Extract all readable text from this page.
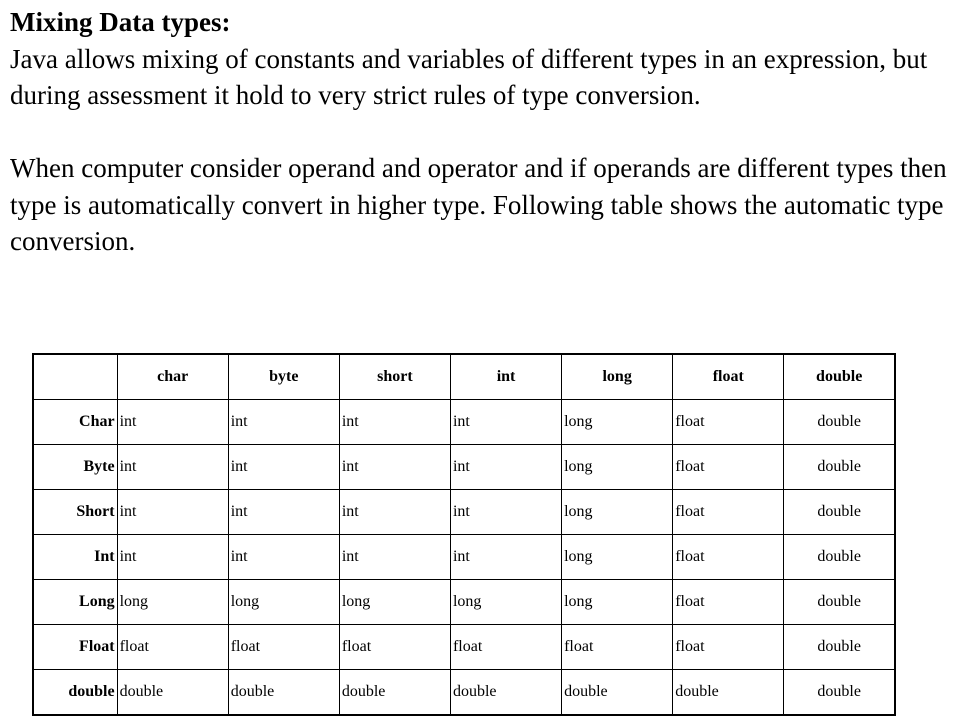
Mixing Data types:

Java allows mixing of constants and variables of different types in an expression, but during assessment it hold to very strict rules of type conversion.

When computer consider operand and operator and if operands are different types then type is automatically convert in higher type. Following table shows the automatic type conversion.

	char	byte	short	int	long	float	double
Char	int	int	int	int	long	float	double
Byte	int	int	int	int	long	float	double
Short	int	int	int	int	long	float	double
Int	int	int	int	int	long	float	double
Long	long	long	long	long	long	float	double
Float	float	float	float	float	float	float	double
double	double	double	double	double	double	double	double
